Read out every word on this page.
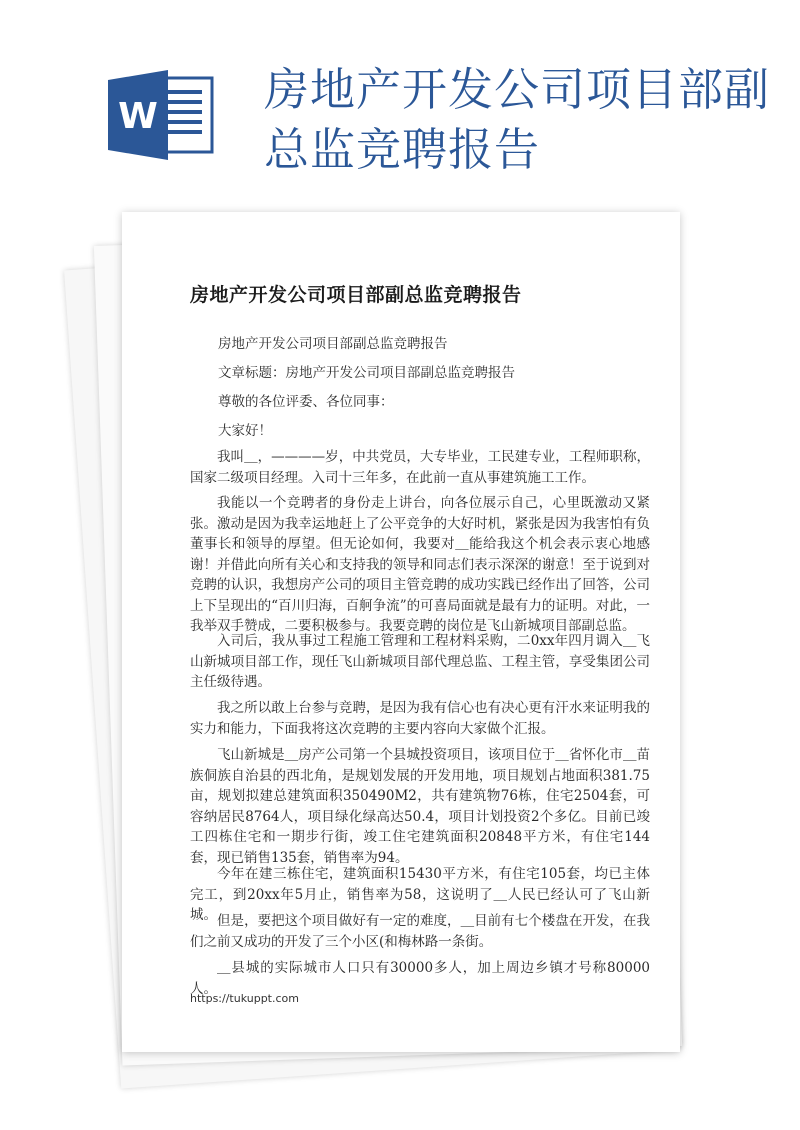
W
房地产开发公司项目部副总监竞聘报告
房地产开发公司项目部副总监竞聘报告
房地产开发公司项目部副总监竞聘报告
文章标题：房地产开发公司项目部副总监竞聘报告
尊敬的各位评委、各位同事：
大家好！
我叫＿，————岁，中共党员，大专毕业，工民建专业，工程师职称，国家二级项目经理。入司十三年多，在此前一直从事建筑施工工作。
我能以一个竞聘者的身份走上讲台，向各位展示自己，心里既激动又紧张。激动是因为我幸运地赶上了公平竞争的大好时机，紧张是因为我害怕有负董事长和领导的厚望。但无论如何，我要对＿能给我这个机会表示衷心地感谢！并借此向所有关心和支持我的领导和同志们表示深深的谢意！至于说到对竞聘的认识，我想房产公司的项目主管竞聘的成功实践已经作出了回答，公司上下呈现出的“百川归海，百舸争流”的可喜局面就是最有力的证明。对此，一我举双手赞成，二要积极参与。我要竞聘的岗位是飞山新城项目部副总监。
入司后，我从事过工程施工管理和工程材料采购，二0xx年四月调入＿飞山新城项目部工作，现任飞山新城项目部代理总监、工程主管，享受集团公司主任级待遇。
我之所以敢上台参与竞聘，是因为我有信心也有决心更有汗水来证明我的实力和能力，下面我将这次竞聘的主要内容向大家做个汇报。
飞山新城是＿房产公司第一个县城投资项目，该项目位于＿省怀化市＿苗族侗族自治县的西北角，是规划发展的开发用地，项目规划占地面积381.75亩，规划拟建总建筑面积350490M2，共有建筑物76栋，住宅2504套，可容纳居民8764人，项目绿化绿高达50.4，项目计划投资2个多亿。目前已竣工四栋住宅和一期步行街，竣工住宅建筑面积20848平方米，有住宅144套，现已销售135套，销售率为94。
今年在建三栋住宅，建筑面积15430平方米，有住宅105套，均已主体完工，到20xx年5月止，销售率为58，这说明了＿人民已经认可了飞山新城。 但是，要把这个项目做好有一定的难度，＿目前有七个楼盘在开发，在我们之前又成功的开发了三个小区(和梅林路一条街。
＿县城的实际城市人口只有30000多人，加上周边乡镇才号称80000人。
https://tukuppt.com
